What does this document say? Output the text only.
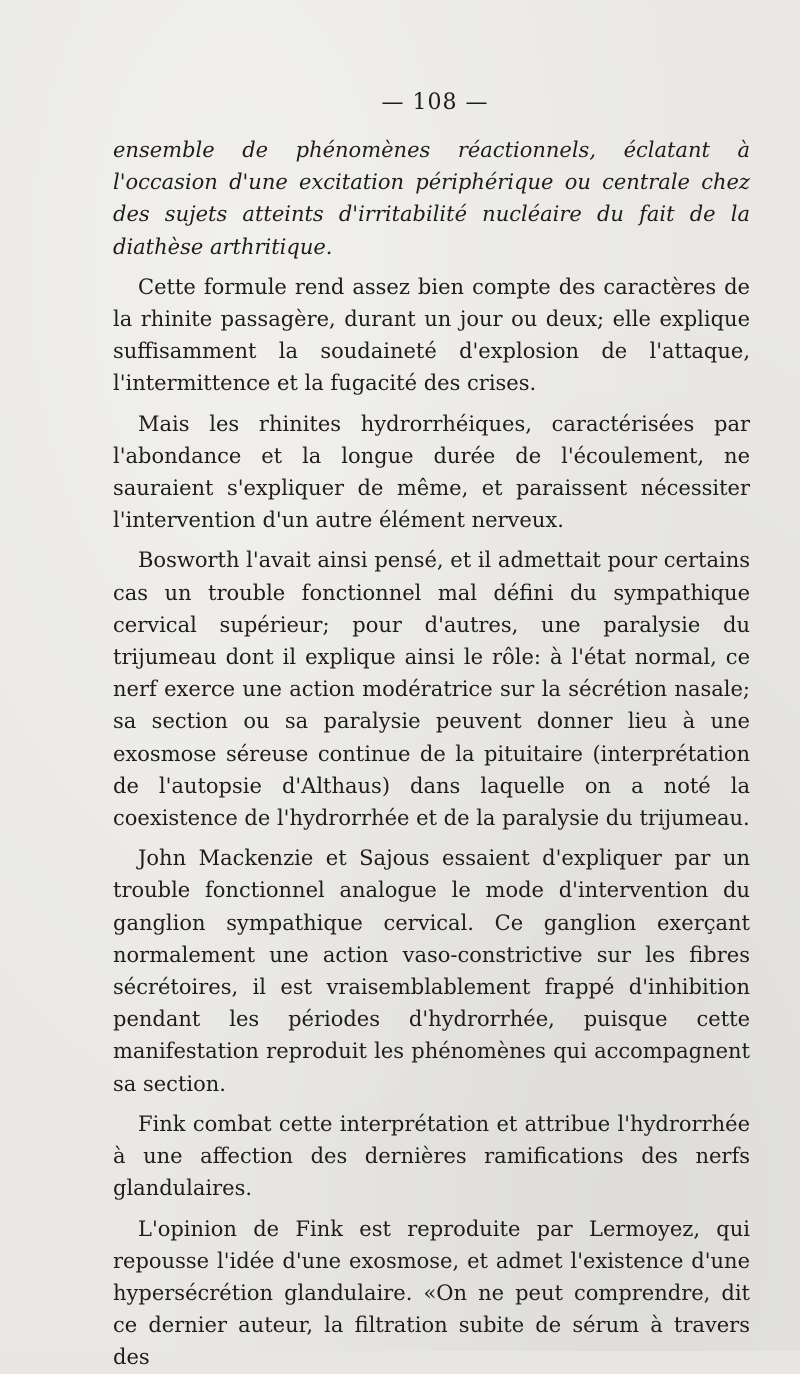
— 108 —

ensemble de phénomènes réactionnels, éclatant à l'occasion d'une excitation périphérique ou centrale chez des sujets atteints d'irritabilité nucléaire du fait de la diathèse arthritique.

Cette formule rend assez bien compte des caractères de la rhinite passagère, durant un jour ou deux; elle explique suffisamment la soudaineté d'explosion de l'attaque, l'intermittence et la fugacité des crises.

Mais les rhinites hydrorrhéiques, caractérisées par l'abondance et la longue durée de l'écoulement, ne sauraient s'expliquer de même, et paraissent nécessiter l'intervention d'un autre élément nerveux.

Bosworth l'avait ainsi pensé, et il admettait pour certains cas un trouble fonctionnel mal défini du sympathique cervical supérieur; pour d'autres, une paralysie du trijumeau dont il explique ainsi le rôle: à l'état normal, ce nerf exerce une action modératrice sur la sécrétion nasale; sa section ou sa paralysie peuvent donner lieu à une exosmose séreuse continue de la pituitaire (interprétation de l'autopsie d'Althaus) dans laquelle on a noté la coexistence de l'hydrorrhée et de la paralysie du trijumeau.

John Mackenzie et Sajous essaient d'expliquer par un trouble fonctionnel analogue le mode d'intervention du ganglion sympathique cervical. Ce ganglion exerçant normalement une action vaso-constrictive sur les fibres sécrétoires, il est vraisemblablement frappé d'inhibition pendant les périodes d'hydrorrhée, puisque cette manifestation reproduit les phénomènes qui accompagnent sa section.

Fink combat cette interprétation et attribue l'hydrorrhée à une affection des dernières ramifications des nerfs glandulaires.

L'opinion de Fink est reproduite par Lermoyez, qui repousse l'idée d'une exosmose, et admet l'existence d'une hypersécrétion glandulaire. «On ne peut comprendre, dit ce dernier auteur, la filtration subite de sérum à travers des
